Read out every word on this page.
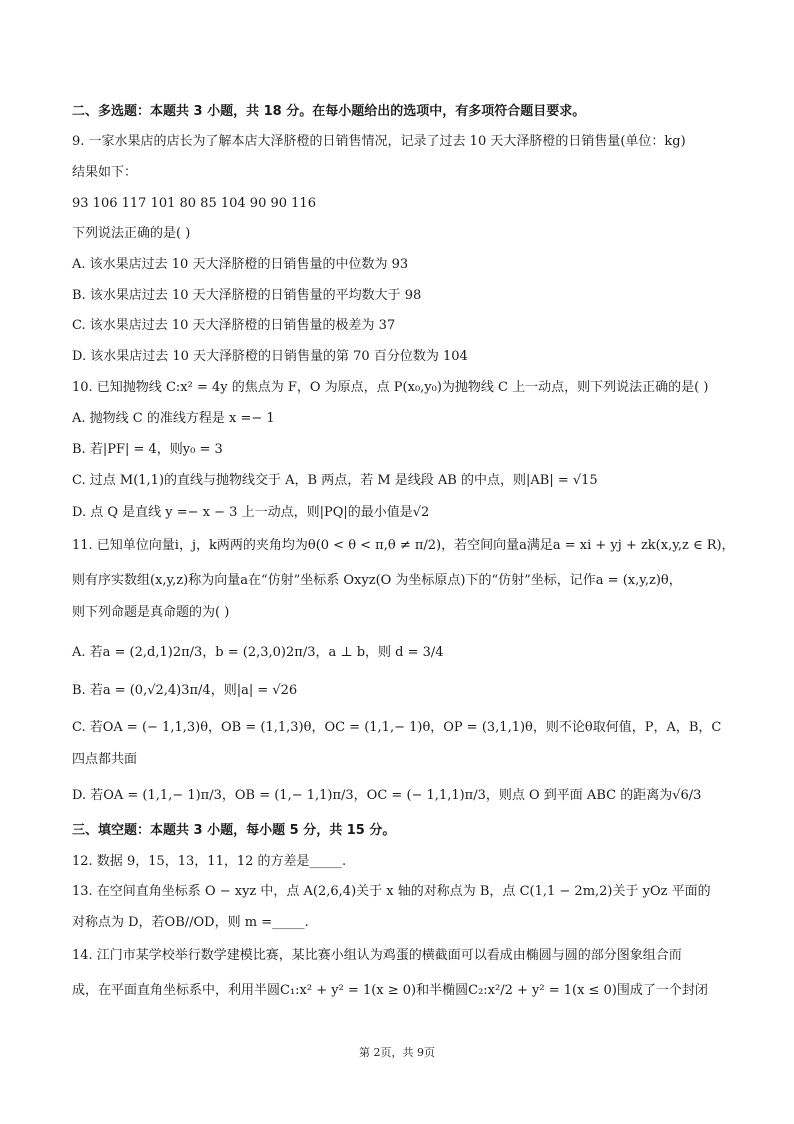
二、多选题：本题共 3 小题，共 18 分。在每小题给出的选项中，有多项符合题目要求。
9. 一家水果店的店长为了解本店大泽脐橙的日销售情况，记录了过去 10 天大泽脐橙的日销售量(单位：kg)
结果如下：
93 106 117 101 80 85 104 90 90 116
下列说法正确的是( )
A. 该水果店过去 10 天大泽脐橙的日销售量的中位数为 93
B. 该水果店过去 10 天大泽脐橙的日销售量的平均数大于 98
C. 该水果店过去 10 天大泽脐橙的日销售量的极差为 37
D. 该水果店过去 10 天大泽脐橙的日销售量的第 70 百分位数为 104
10. 已知抛物线 C:x² = 4y 的焦点为 F，O 为原点，点 P(x₀,y₀)为抛物线 C 上一动点，则下列说法正确的是( )
A. 抛物线 C 的准线方程是 x =− 1
B. 若|PF| = 4，则y₀ = 3
C. 过点 M(1,1)的直线与抛物线交于 A，B 两点，若 M 是线段 AB 的中点，则|AB| = √15
D. 点 Q 是直线 y =− x − 3 上一动点，则|PQ|的最小值是√2
11. 已知单位向量i，j，k两两的夹角均为θ(0 < θ < π,θ ≠ π/2)，若空间向量a满足a = xi + yj + zk(x,y,z ∈ R)，
则有序实数组(x,y,z)称为向量a在“仿射”坐标系 Oxyz(O 为坐标原点)下的“仿射”坐标，记作a = (x,y,z)θ，
则下列命题是真命题的为( )
A. 若a = (2,d,1)2π/3，b = (2,3,0)2π/3，a ⊥ b，则 d = 3/4
B. 若a = (0,√2,4)3π/4，则|a| = √26
C. 若OA = (− 1,1,3)θ，OB = (1,1,3)θ，OC = (1,1,− 1)θ，OP = (3,1,1)θ，则不论θ取何值，P，A，B，C
四点都共面
D. 若OA = (1,1,− 1)π/3，OB = (1,− 1,1)π/3，OC = (− 1,1,1)π/3，则点 O 到平面 ABC 的距离为√6/3
三、填空题：本题共 3 小题，每小题 5 分，共 15 分。
12. 数据 9，15，13，11，12 的方差是_____.
13. 在空间直角坐标系 O − xyz 中，点 A(2,6,4)关于 x 轴的对称点为 B，点 C(1,1 − 2m,2)关于 yOz 平面的
对称点为 D，若OB//OD，则 m =_____.
14. 江门市某学校举行数学建模比赛，某比赛小组认为鸡蛋的横截面可以看成由椭圆与圆的部分图象组合而
成，在平面直角坐标系中，利用半圆C₁:x² + y² = 1(x ≥ 0)和半椭圆C₂:x²/2 + y² = 1(x ≤ 0)围成了一个封闭
第 2页，共 9页
